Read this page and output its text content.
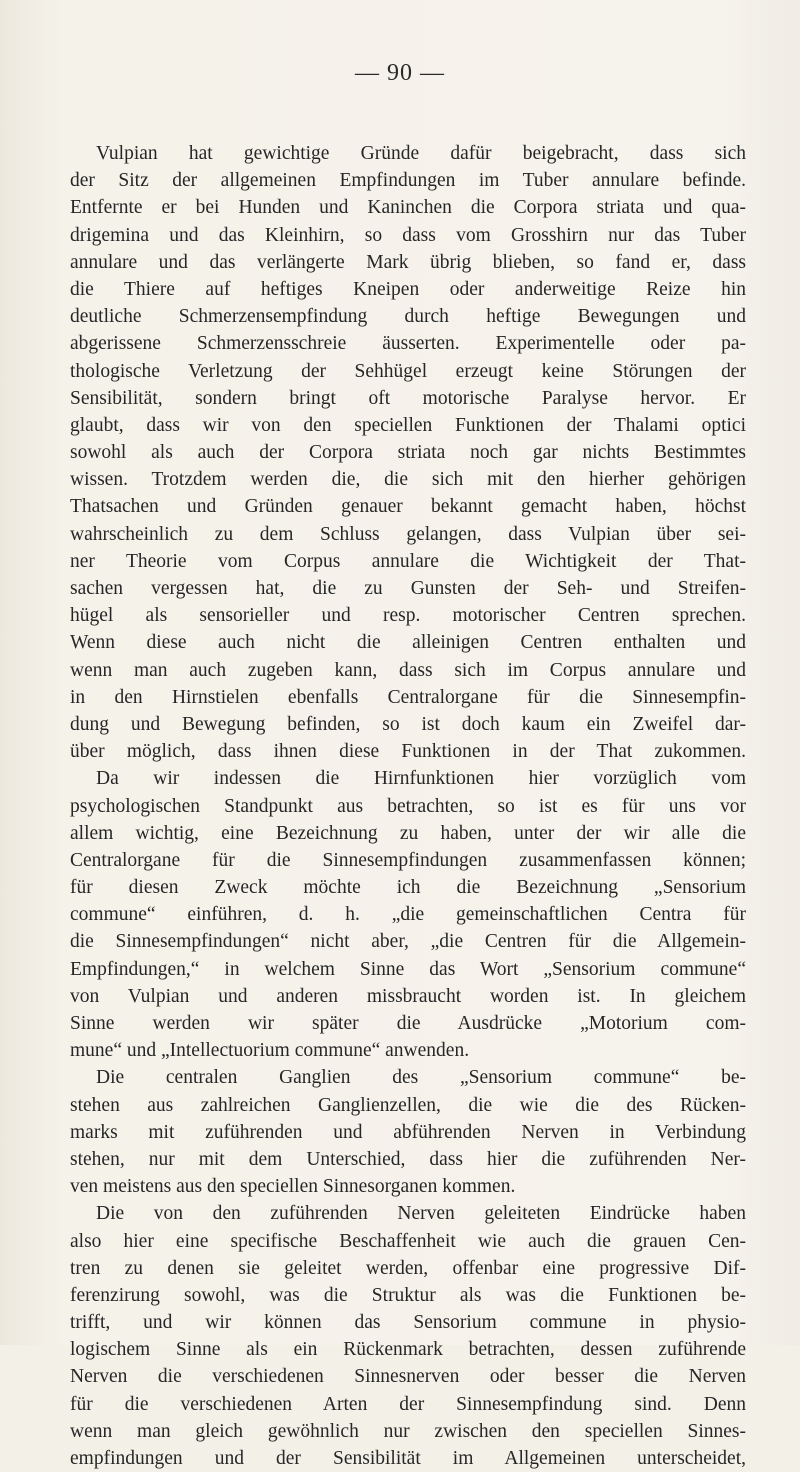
— 90 —
Vulpian hat gewichtige Gründe dafür beigebracht, dass sich
der Sitz der allgemeinen Empfindungen im Tuber annulare befinde.
Entfernte er bei Hunden und Kaninchen die Corpora striata und qua-
drigemina und das Kleinhirn, so dass vom Grosshirn nur das Tuber
annulare und das verlängerte Mark übrig blieben, so fand er, dass
die Thiere auf heftiges Kneipen oder anderweitige Reize hin
deutliche Schmerzensempfindung durch heftige Bewegungen und
abgerissene Schmerzensschreie äusserten. Experimentelle oder pa-
thologische Verletzung der Sehhügel erzeugt keine Störungen der
Sensibilität, sondern bringt oft motorische Paralyse hervor. Er
glaubt, dass wir von den speciellen Funktionen der Thalami optici
sowohl als auch der Corpora striata noch gar nichts Bestimmtes
wissen. Trotzdem werden die, die sich mit den hierher gehörigen
Thatsachen und Gründen genauer bekannt gemacht haben, höchst
wahrscheinlich zu dem Schluss gelangen, dass Vulpian über sei-
ner Theorie vom Corpus annulare die Wichtigkeit der That-
sachen vergessen hat, die zu Gunsten der Seh- und Streifen-
hügel als sensorieller und resp. motorischer Centren sprechen.
Wenn diese auch nicht die alleinigen Centren enthalten und
wenn man auch zugeben kann, dass sich im Corpus annulare und
in den Hirnstielen ebenfalls Centralorgane für die Sinnesempfin-
dung und Bewegung befinden, so ist doch kaum ein Zweifel dar-
über möglich, dass ihnen diese Funktionen in der That zukommen.
Da wir indessen die Hirnfunktionen hier vorzüglich vom
psychologischen Standpunkt aus betrachten, so ist es für uns vor
allem wichtig, eine Bezeichnung zu haben, unter der wir alle die
Centralorgane für die Sinnesempfindungen zusammenfassen können;
für diesen Zweck möchte ich die Bezeichnung „Sensorium
commune“ einführen, d. h. „die gemeinschaftlichen Centra für
die Sinnesempfindungen“ nicht aber, „die Centren für die Allgemein-
Empfindungen,“ in welchem Sinne das Wort „Sensorium commune“
von Vulpian und anderen missbraucht worden ist. In gleichem
Sinne werden wir später die Ausdrücke „Motorium com-
mune“ und „Intellectuorium commune“ anwenden.
Die centralen Ganglien des „Sensorium commune“ be-
stehen aus zahlreichen Ganglienzellen, die wie die des Rücken-
marks mit zuführenden und abführenden Nerven in Verbindung
stehen, nur mit dem Unterschied, dass hier die zuführenden Ner-
ven meistens aus den speciellen Sinnesorganen kommen.
Die von den zuführenden Nerven geleiteten Eindrücke haben
also hier eine specifische Beschaffenheit wie auch die grauen Cen-
tren zu denen sie geleitet werden, offenbar eine progressive Dif-
ferenzirung sowohl, was die Struktur als was die Funktionen be-
trifft, und wir können das Sensorium commune in physio-
logischem Sinne als ein Rückenmark betrachten, dessen zuführende
Nerven die verschiedenen Sinnesnerven oder besser die Nerven
für die verschiedenen Arten der Sinnesempfindung sind. Denn
wenn man gleich gewöhnlich nur zwischen den speciellen Sinnes-
empfindungen und der Sensibilität im Allgemeinen unterscheidet,
